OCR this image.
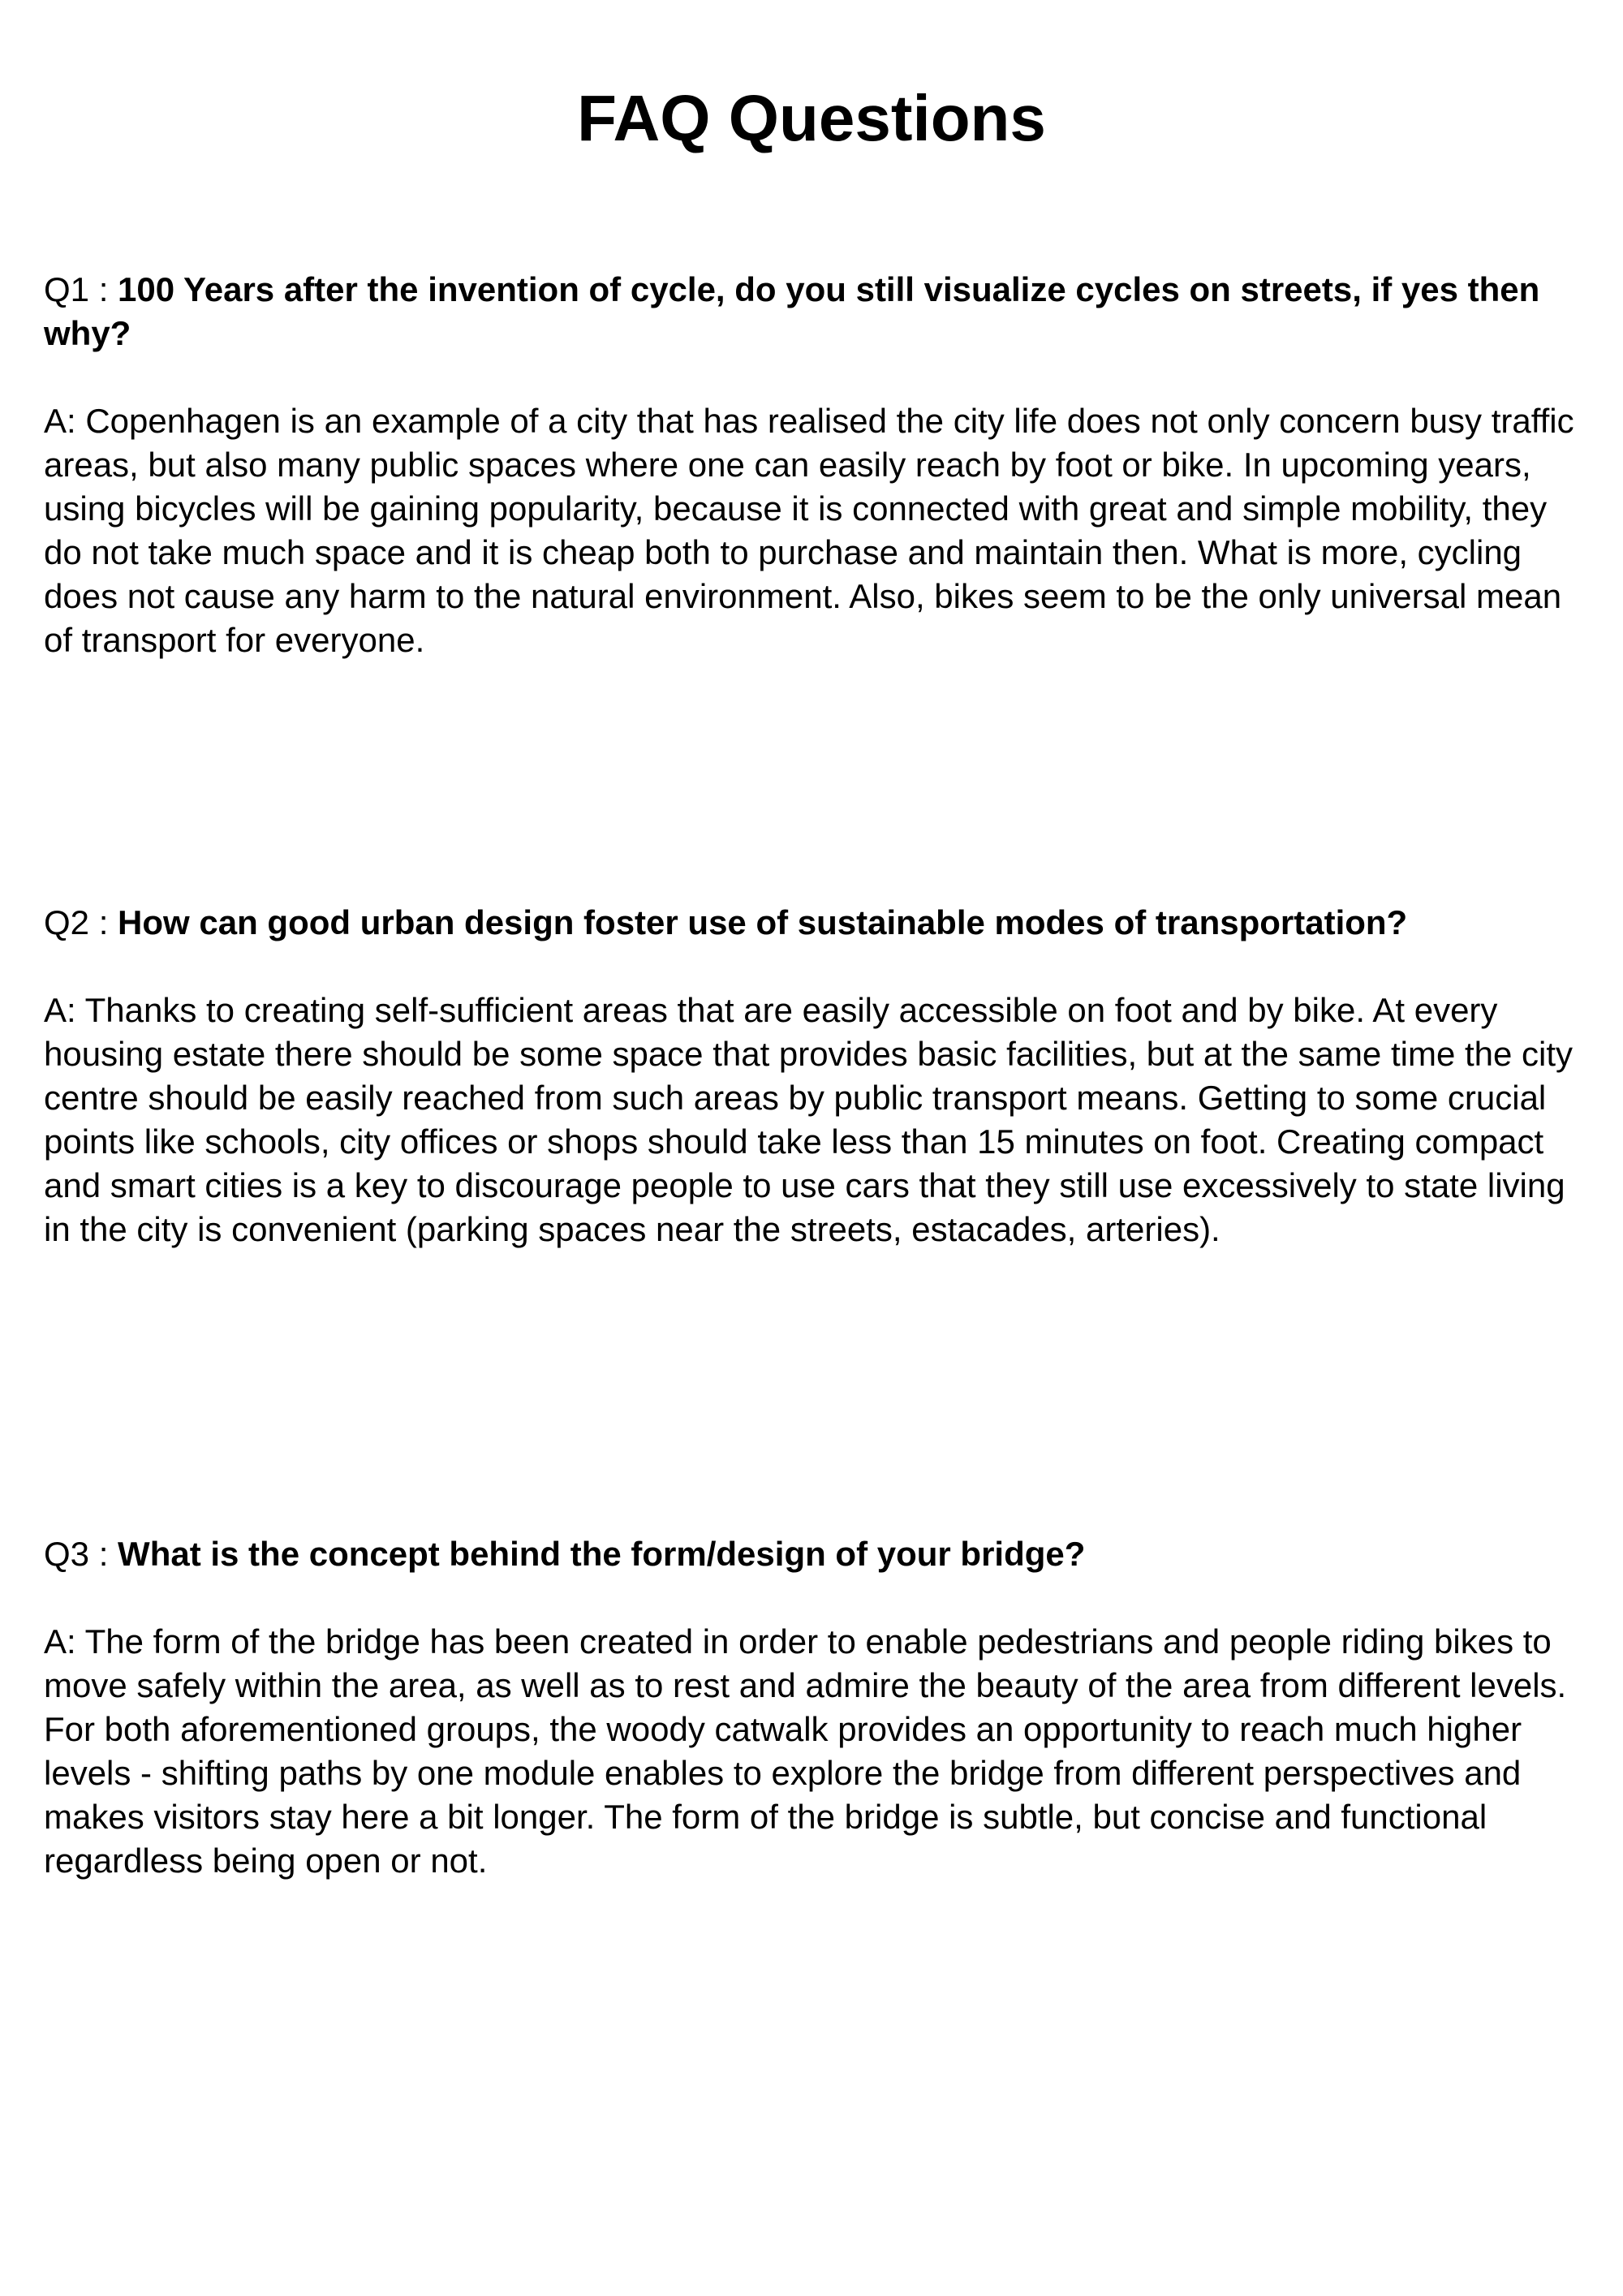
FAQ Questions

Q1 : 100 Years after the invention of cycle, do you still visualize cycles on streets, if yes then why?

A: Copenhagen is an example of a city that has realised the city life does not only concern busy traffic areas, but also many public spaces where one can easily reach by foot or bike. In upcoming years, using bicycles will be gaining popularity, because it is connected with great and simple mobility, they do not take much space and it is cheap both to purchase and maintain then. What is more, cycling does not cause any harm to the natural environment. Also, bikes seem to be the only universal mean of transport for everyone.

Q2 : How can good urban design foster use of sustainable modes of transportation?

A: Thanks to creating self-sufficient areas that are easily accessible on foot and by bike. At every housing estate there should be some space that provides basic facilities, but at the same time the city centre should be easily reached from such areas by public transport means. Getting to some crucial points like schools, city offices or shops should take less than 15 minutes on foot. Creating compact and smart cities is a key to discourage people to use cars that they still use excessively to state living in the city is convenient (parking spaces near the streets, estacades, arteries).

Q3 : What is the concept behind the form/design of your bridge?

A: The form of the bridge has been created in order to enable pedestrians and people riding bikes to move safely within the area, as well as to rest and admire the beauty of the area from different levels. For both aforementioned groups, the woody catwalk provides an opportunity to reach much higher levels - shifting paths by one module enables to explore the bridge from different perspectives and makes visitors stay here a bit longer. The form of the bridge is subtle, but concise and functional regardless being open or not.
